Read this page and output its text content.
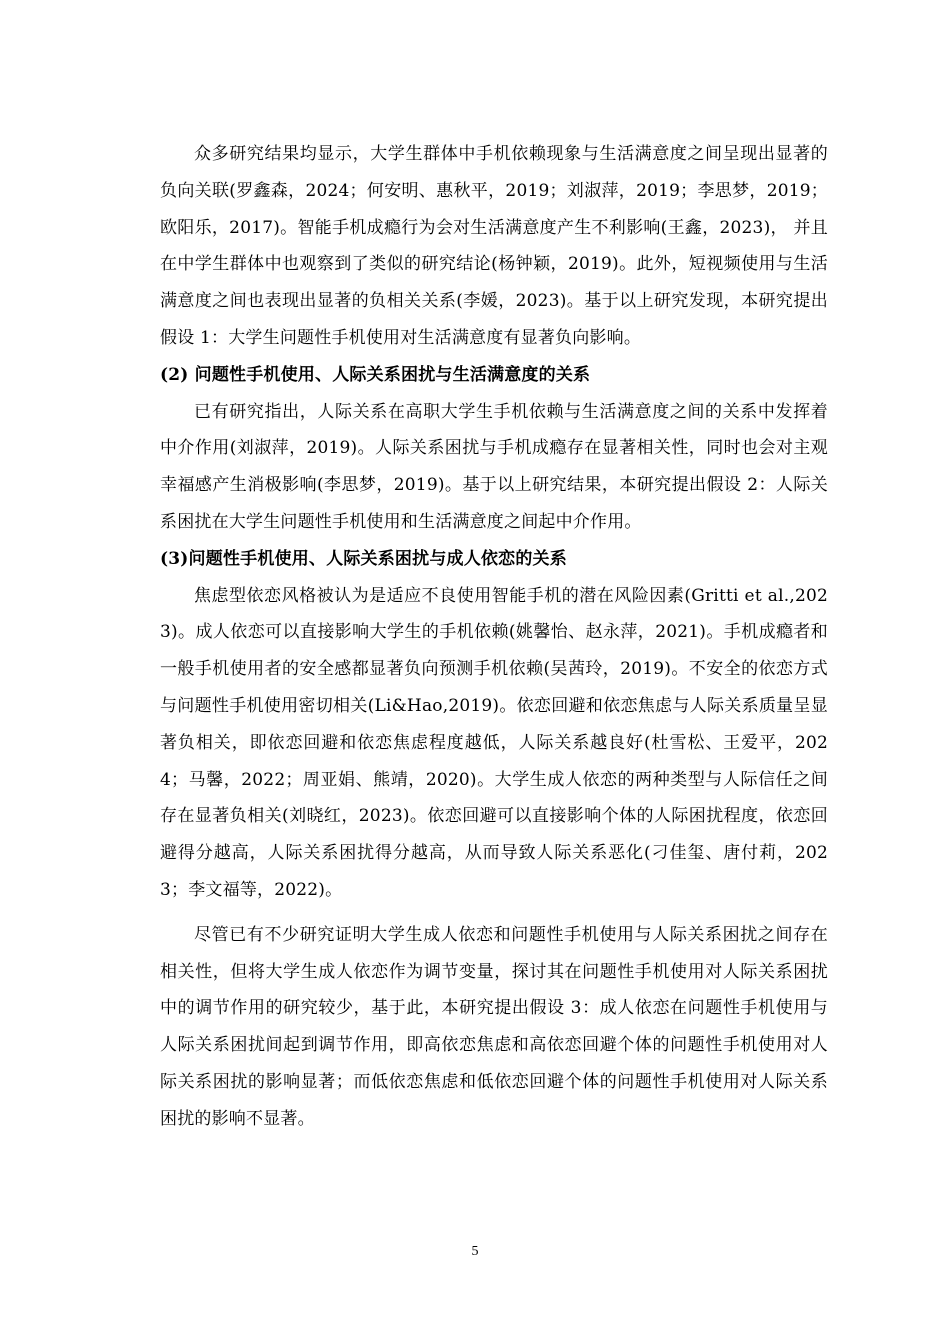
众多研究结果均显示，大学生群体中手机依赖现象与生活满意度之间呈现出显著的负向关联(罗鑫森，2024；何安明、惠秋平，2019；刘淑萍，2019；李思梦，2019；欧阳乐，2017)。智能手机成瘾行为会对生活满意度产生不利影响(王鑫，2023)， 并且在中学生群体中也观察到了类似的研究结论(杨钟颖，2019)。此外，短视频使用与生活满意度之间也表现出显著的负相关关系(李媛，2023)。基于以上研究发现，本研究提出假设 1：大学生问题性手机使用对生活满意度有显著负向影响。

(2) 问题性手机使用、人际关系困扰与生活满意度的关系

已有研究指出，人际关系在高职大学生手机依赖与生活满意度之间的关系中发挥着中介作用(刘淑萍，2019)。人际关系困扰与手机成瘾存在显著相关性，同时也会对主观幸福感产生消极影响(李思梦，2019)。基于以上研究结果，本研究提出假设 2：人际关系困扰在大学生问题性手机使用和生活满意度之间起中介作用。

(3)问题性手机使用、人际关系困扰与成人依恋的关系

焦虑型依恋风格被认为是适应不良使用智能手机的潜在风险因素(Gritti et al.,2023)。成人依恋可以直接影响大学生的手机依赖(姚馨怡、赵永萍，2021)。手机成瘾者和一般手机使用者的安全感都显著负向预测手机依赖(吴茜玲，2019)。不安全的依恋方式与问题性手机使用密切相关(Li&Hao,2019)。依恋回避和依恋焦虑与人际关系质量呈显著负相关，即依恋回避和依恋焦虑程度越低，人际关系越良好(杜雪松、王爱平，2024；马馨，2022；周亚娟、熊靖，2020)。大学生成人依恋的两种类型与人际信任之间存在显著负相关(刘晓红，2023)。依恋回避可以直接影响个体的人际困扰程度，依恋回避得分越高，人际关系困扰得分越高，从而导致人际关系恶化(刁佳玺、唐付莉，2023；李文福等，2022)。

尽管已有不少研究证明大学生成人依恋和问题性手机使用与人际关系困扰之间存在相关性，但将大学生成人依恋作为调节变量，探讨其在问题性手机使用对人际关系困扰中的调节作用的研究较少，基于此，本研究提出假设 3：成人依恋在问题性手机使用与人际关系困扰间起到调节作用，即高依恋焦虑和高依恋回避个体的问题性手机使用对人际关系困扰的影响显著；而低依恋焦虑和低依恋回避个体的问题性手机使用对人际关系困扰的影响不显著。

5
